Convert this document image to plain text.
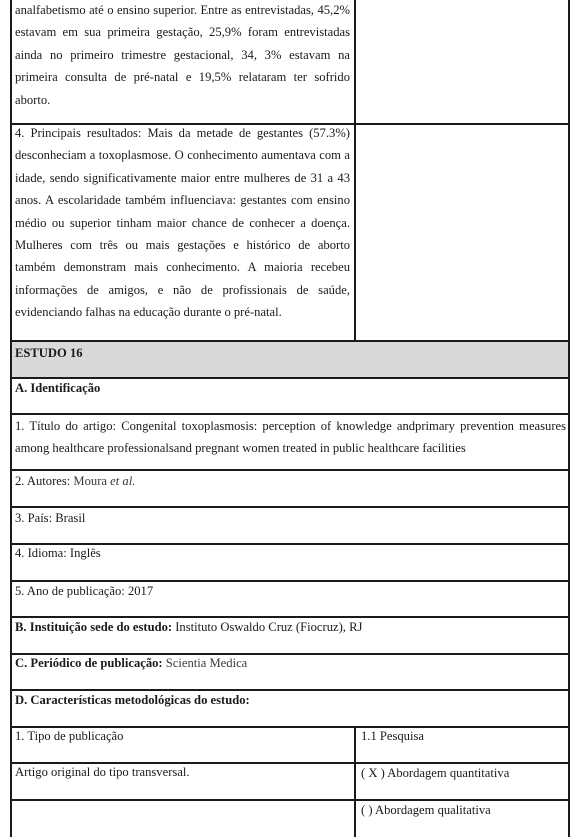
analfabetismo até o ensino superior. Entre as entrevistadas, 45,2% estavam em sua primeira gestação, 25,9% foram entrevistadas ainda no primeiro trimestre gestacional, 34, 3% estavam na primeira consulta de pré-natal e 19,5% relataram ter sofrido aborto.
4. Principais resultados: Mais da metade de gestantes (57.3%) desconheciam a toxoplasmose. O conhecimento aumentava com a idade, sendo significativamente maior entre mulheres de 31 a 43 anos. A escolaridade também influenciava: gestantes com ensino médio ou superior tinham maior chance de conhecer a doença. Mulheres com três ou mais gestações e histórico de aborto também demonstram mais conhecimento. A maioria recebeu informações de amigos, e não de profissionais de saúde, evidenciando falhas na educação durante o pré-natal.
ESTUDO 16
A. Identificação
1. Título do artigo: Congenital toxoplasmosis: perception of knowledge andprimary prevention measures among healthcare professionalsand pregnant women treated in public healthcare facilities
2. Autores: Moura et al.
3. País: Brasil
4. Idioma: Inglês
5. Ano de publicação: 2017
B. Instituição sede do estudo: Instituto Oswaldo Cruz (Fiocruz), RJ
C. Periódico de publicação: Scientia Medica
D. Características metodológicas do estudo:
1. Tipo de publicação	1.1 Pesquisa
Artigo original do tipo transversal.	( X ) Abordagem quantitativa
( ) Abordagem qualitativa
